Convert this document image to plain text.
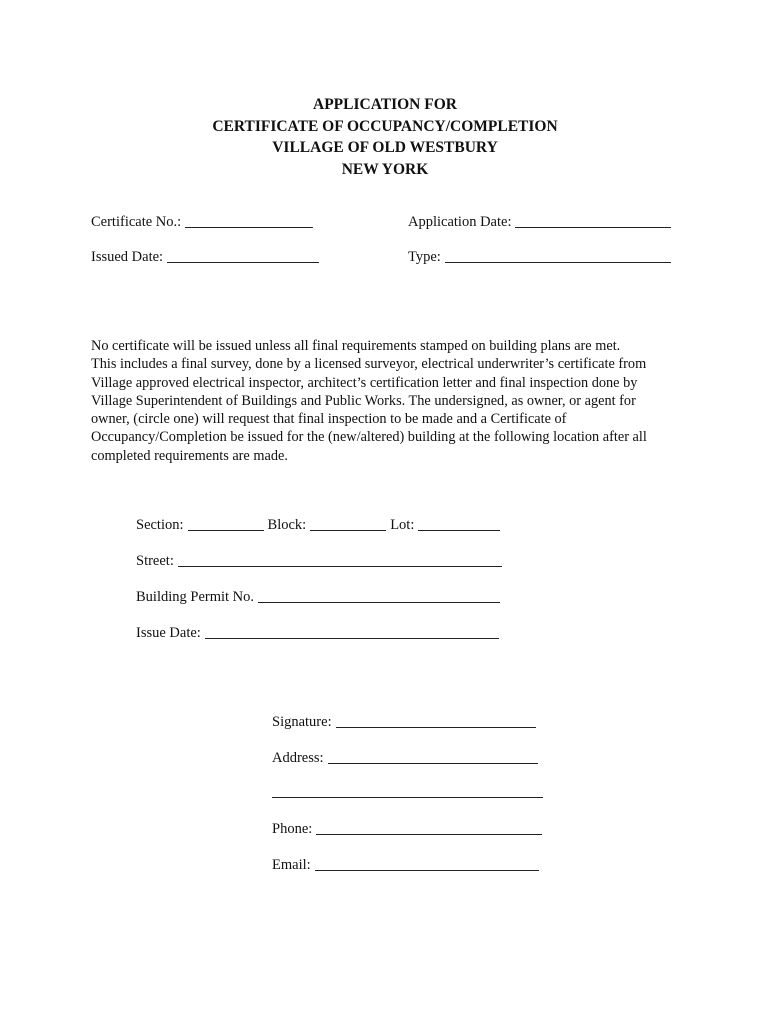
APPLICATION FOR
CERTIFICATE OF OCCUPANCY/COMPLETION
VILLAGE OF OLD WESTBURY
NEW YORK
Certificate No.:	Application Date:
Issued Date:	Type:
No certificate will be issued unless all final requirements stamped on building plans are met.
This includes a final survey, done by a licensed surveyor, electrical underwriter’s certificate from
Village approved electrical inspector, architect’s certification letter and final inspection done by
Village Superintendent of Buildings and Public Works. The undersigned, as owner, or agent for
owner, (circle one) will request that final inspection to be made and a Certificate of
Occupancy/Completion be issued for the (new/altered) building at the following location after all
completed requirements are made.
Section:	Block:	Lot:
Street:
Building Permit No.
Issue Date:
Signature:
Address:
Phone:
Email:
